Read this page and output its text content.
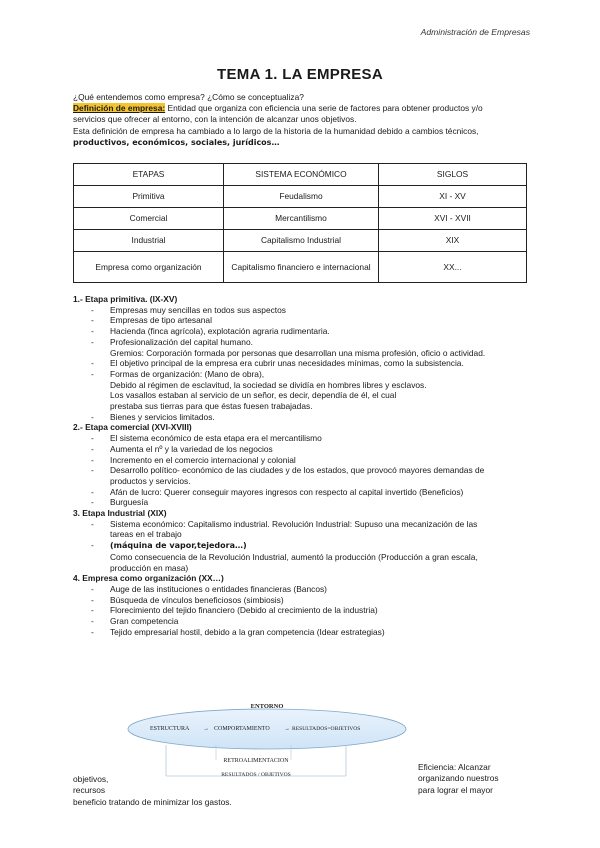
Administración de Empresas
TEMA 1. LA EMPRESA

¿Qué entendemos como empresa? ¿Cómo se conceptualiza?

Definición de empresa: Entidad que organiza con eficiencia una serie de factores para obtener productos y/o

servicios que ofrecer al entorno, con la intención de alcanzar unos objetivos.

Esta definición de empresa ha cambiado a lo largo de la historia de la humanidad debido a cambios técnicos,

productivos, económicos, sociales, jurídicos…

ETAPAS	SISTEMA ECONÓMICO	SIGLOS
Primitiva	Feudalismo	XI - XV
Comercial	Mercantilismo	XVI - XVII
Industrial	Capitalismo Industrial	XIX
Empresa como organización	Capitalismo financiero e internacional	XX...
1.- Etapa primitiva. (IX-XV)
- Empresas muy sencillas en todos sus aspectos
- Empresas de tipo artesanal
- Hacienda (finca agrícola), explotación agraria rudimentaria.
- Profesionalización del capital humano.
Gremios: Corporación formada por personas que desarrollan una misma profesión, oficio o actividad.
- El objetivo principal de la empresa era cubrir unas necesidades mínimas, como la subsistencia.
- Formas de organización: (Mano de obra),
Debido al régimen de esclavitud, la sociedad se dividía en hombres libres y esclavos.
Los vasallos estaban al servicio de un señor, es decir, dependía de él, el cual
prestaba sus tierras para que éstas fuesen trabajadas.
- Bienes y servicios limitados.
2.- Etapa comercial (XVI-XVIII)
- El sistema económico de esta etapa era el mercantilismo
- Aumenta el nº y la variedad de los negocios
- Incremento en el comercio internacional y colonial
- Desarrollo político- económico de las ciudades y de los estados, que provocó mayores demandas de
productos y servicios.
- Afán de lucro: Querer conseguir mayores ingresos con respecto al capital invertido (Beneficios)
- Burguesía
3. Etapa Industrial (XIX)
- Sistema económico: Capitalismo industrial. Revolución Industrial: Supuso una mecanización de las
tareas en el trabajo
- (máquina de vapor,tejedora…)
Como consecuencia de la Revolución Industrial, aumentó la producción (Producción a gran escala,
producción en masa)
4. Empresa como organización (XX…)
- Auge de las instituciones o entidades financieras (Bancos)
- Búsqueda de vínculos beneficiosos (simbiosis)
- Florecimiento del tejido financiero (Debido al crecimiento de la industria)
- Gran competencia
- Tejido empresarial hostil, debido a la gran competencia (Idear estrategias)
ENTORNO
ESTRUCTURA → COMPORTAMIENTO → RESULTADOS=OBJETIVOS
RETROALIMENTACION
RESULTADOS / OBJETIVOS
Eficiencia: Alcanzar
organizando nuestros
para lograr el mayor
objetivos,
recursos
beneficio tratando de minimizar los gastos.
